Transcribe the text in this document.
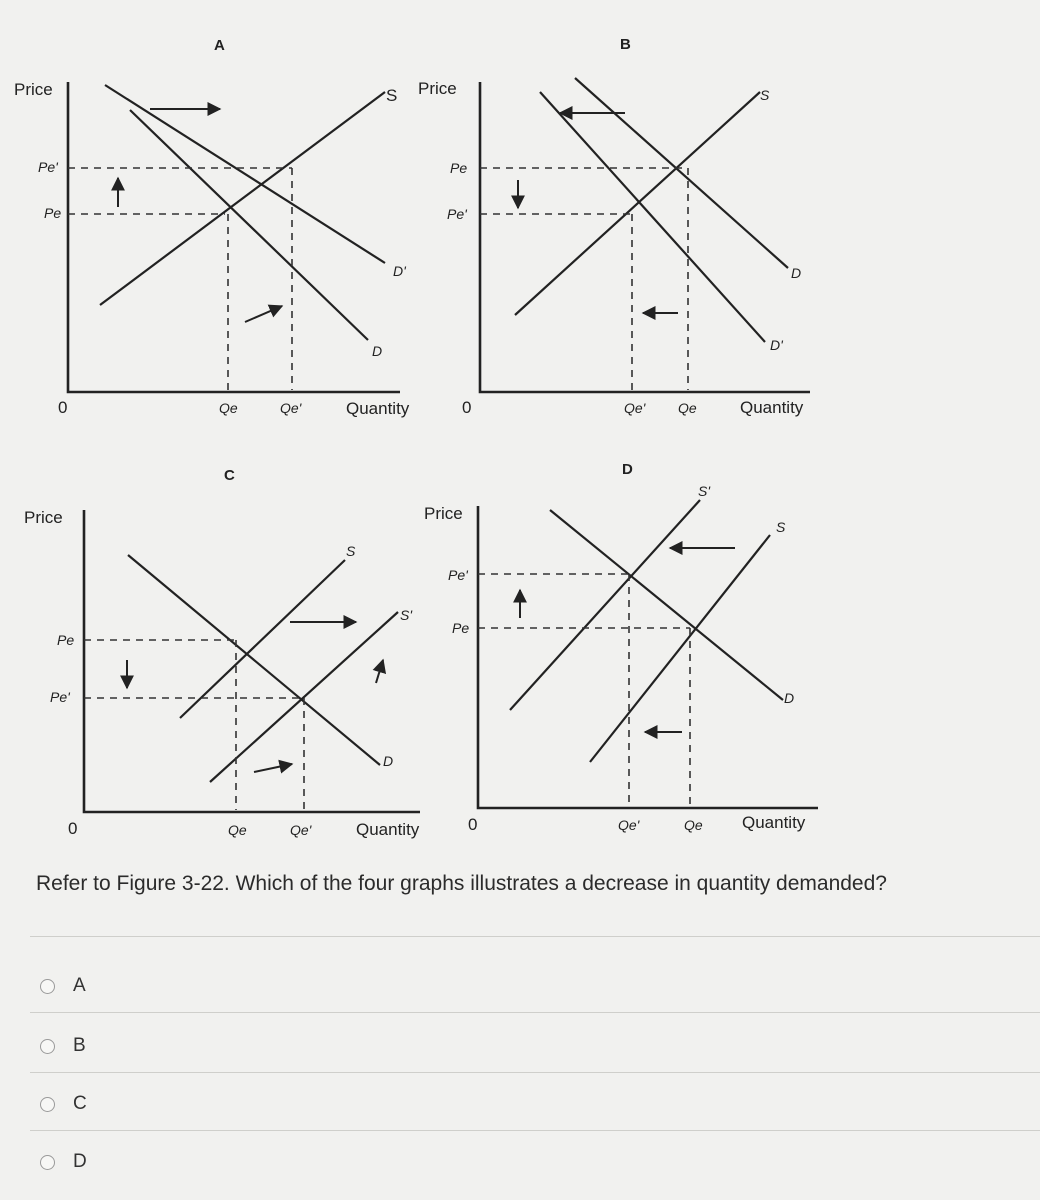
A
Price
0
Pe'
Pe
Qe	Qe'	Quantity
S
D'
D
B
Price
0
Pe
Pe'
Qe' Qe	Quantity
S
D
D'
C
Price
0
Pe
Pe'
Qe	Qe'	Quantity
S
S'
D
D
Price
0
Pe'
Pe
Qe'	Qe Quantity
S'
S
D
Refer to Figure 3-22. Which of the four graphs illustrates a decrease in quantity demanded?
A
B
C
D
